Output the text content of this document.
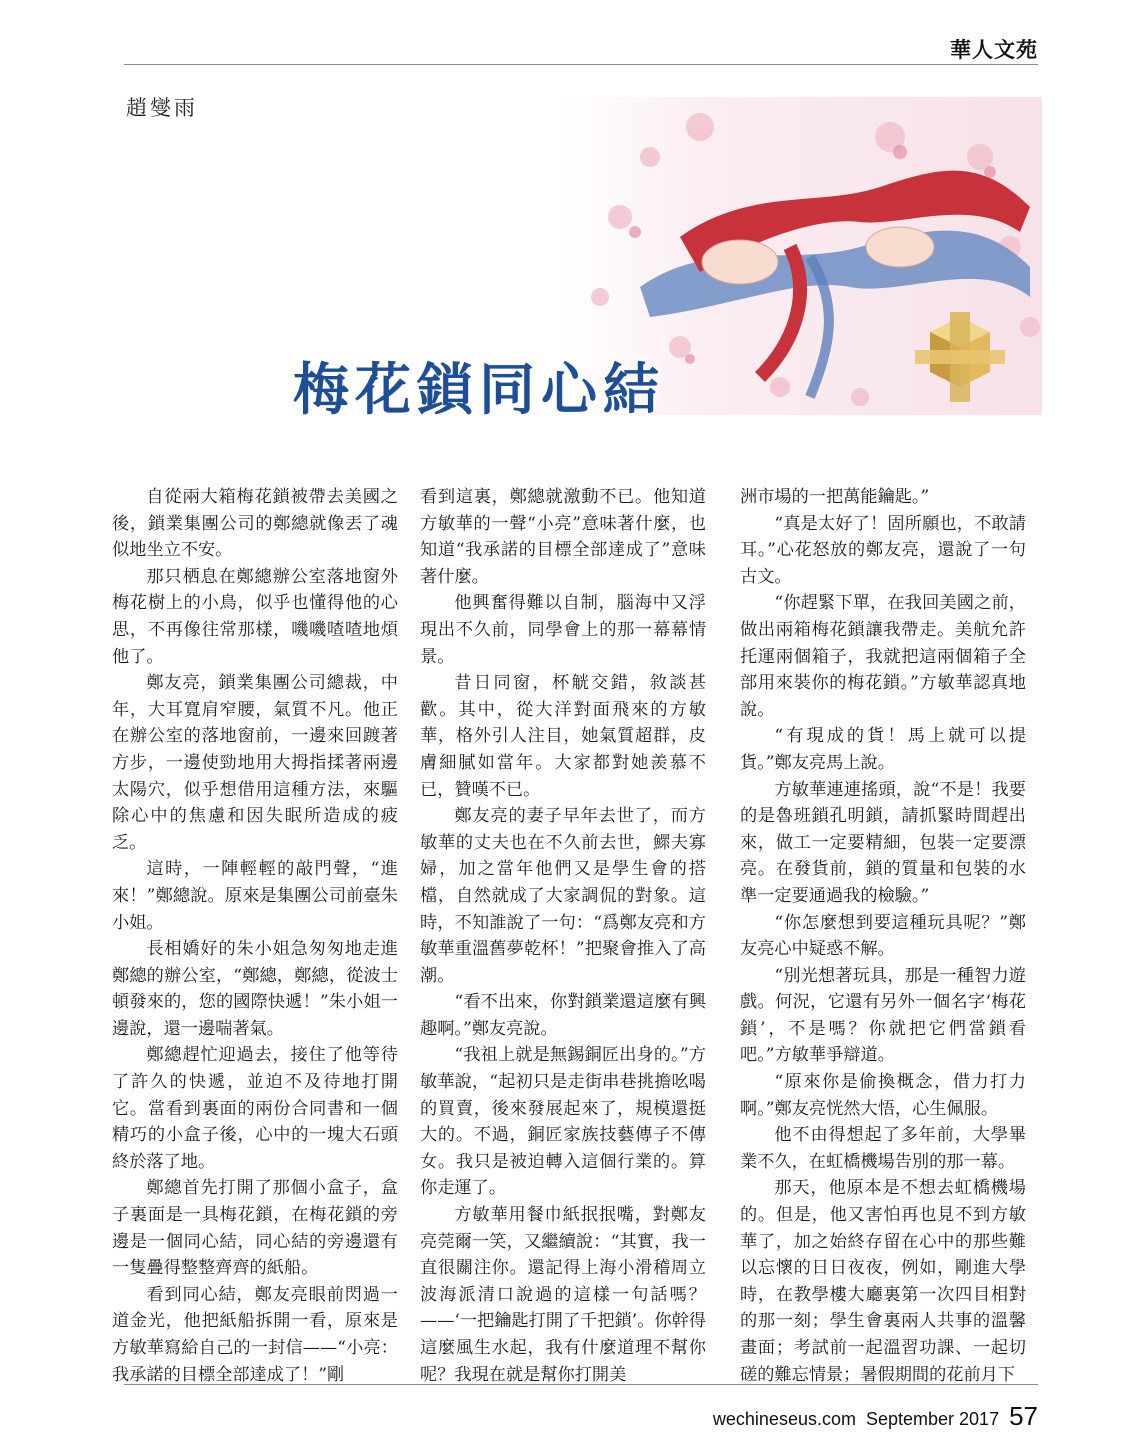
華人文苑
趙燮雨
梅花鎖同心結

自從兩大箱梅花鎖被帶去美國之後，鎖業集團公司的鄭總就像丟了魂似地坐立不安。

那只栖息在鄭總辦公室落地窗外梅花樹上的小鳥，似乎也懂得他的心思，不再像往常那樣，嘰嘰喳喳地煩他了。

鄭友亮，鎖業集團公司總裁，中年，大耳寬肩窄腰，氣質不凡。他正在辦公室的落地窗前，一邊來回踱著方步，一邊使勁地用大拇指揉著兩邊太陽穴，似乎想借用這種方法，來驅除心中的焦慮和因失眠所造成的疲乏。

這時，一陣輕輕的敲門聲，“進來！”鄭總說。原來是集團公司前臺朱小姐。

長相嬌好的朱小姐急匆匆地走進鄭總的辦公室，“鄭總，鄭總，從波士頓發來的，您的國際快遞！”朱小姐一邊說，還一邊喘著氣。

鄭總趕忙迎過去，接住了他等待了許久的快遞，並迫不及待地打開它。當看到裏面的兩份合同書和一個精巧的小盒子後，心中的一塊大石頭終於落了地。

鄭總首先打開了那個小盒子，盒子裏面是一具梅花鎖，在梅花鎖的旁邊是一個同心結，同心結的旁邊還有一隻疊得整整齊齊的紙船。

看到同心結，鄭友亮眼前閃過一道金光，他把紙船拆開一看，原來是方敏華寫給自己的一封信——“小亮：我承諾的目標全部達成了！”剛

看到這裏，鄭總就激動不已。他知道方敏華的一聲“小亮”意味著什麼，也知道“我承諾的目標全部達成了”意味著什麼。

他興奮得難以自制，腦海中又浮現出不久前，同學會上的那一幕幕情景。

昔日同窗，杯觥交錯，敘談甚歡。其中，從大洋對面飛來的方敏華，格外引人注目，她氣質超群，皮膚細膩如當年。大家都對她羨慕不已，贊嘆不已。

鄭友亮的妻子早年去世了，而方敏華的丈夫也在不久前去世，鰥夫寡婦，加之當年他們又是學生會的搭檔，自然就成了大家調侃的對象。這時，不知誰說了一句：“爲鄭友亮和方敏華重溫舊夢乾杯！”把聚會推入了高潮。

“看不出來，你對鎖業還這麼有興趣啊。”鄭友亮說。

“我祖上就是無錫銅匠出身的。”方敏華說，“起初只是走街串巷挑擔吆喝的買賣，後來發展起來了，規模還挺大的。不過，銅匠家族技藝傳子不傳女。我只是被迫轉入這個行業的。算你走運了。

方敏華用餐巾紙抿抿嘴，對鄭友亮莞爾一笑，又繼續說：“其實，我一直很關注你。還記得上海小滑稽周立波海派清口說過的這樣一句話嗎？——‘一把鑰匙打開了千把鎖’。你幹得這麼風生水起，我有什麼道理不幫你呢？我現在就是幫你打開美

洲市場的一把萬能鑰匙。”

“真是太好了！固所願也，不敢請耳。”心花怒放的鄭友亮，還說了一句古文。

“你趕緊下單，在我回美國之前，做出兩箱梅花鎖讓我帶走。美航允許托運兩個箱子，我就把這兩個箱子全部用來裝你的梅花鎖。”方敏華認真地說。

“有現成的貨！馬上就可以提貨。”鄭友亮馬上說。

方敏華連連搖頭，說“不是！我要的是魯班鎖孔明鎖，請抓緊時間趕出來，做工一定要精細，包裝一定要漂亮。在發貨前，鎖的質量和包裝的水準一定要通過我的檢驗。”

“你怎麼想到要這種玩具呢？”鄭友亮心中疑惑不解。

“別光想著玩具，那是一種智力遊戲。何況，它還有另外一個名字‘梅花鎖’，不是嗎？你就把它們當鎖看吧。”方敏華爭辯道。

“原來你是偷換概念，借力打力啊。”鄭友亮恍然大悟，心生佩服。

他不由得想起了多年前，大學畢業不久，在虹橋機場告別的那一幕。

那天，他原本是不想去虹橋機場的。但是，他又害怕再也見不到方敏華了，加之始終存留在心中的那些難以忘懷的日日夜夜，例如，剛進大學時，在教學樓大廳裏第一次四目相對的那一刻；學生會裏兩人共事的溫馨畫面；考試前一起溫習功課、一起切磋的難忘情景；暑假期間的花前月下

wechineseus.com September 2017 57
